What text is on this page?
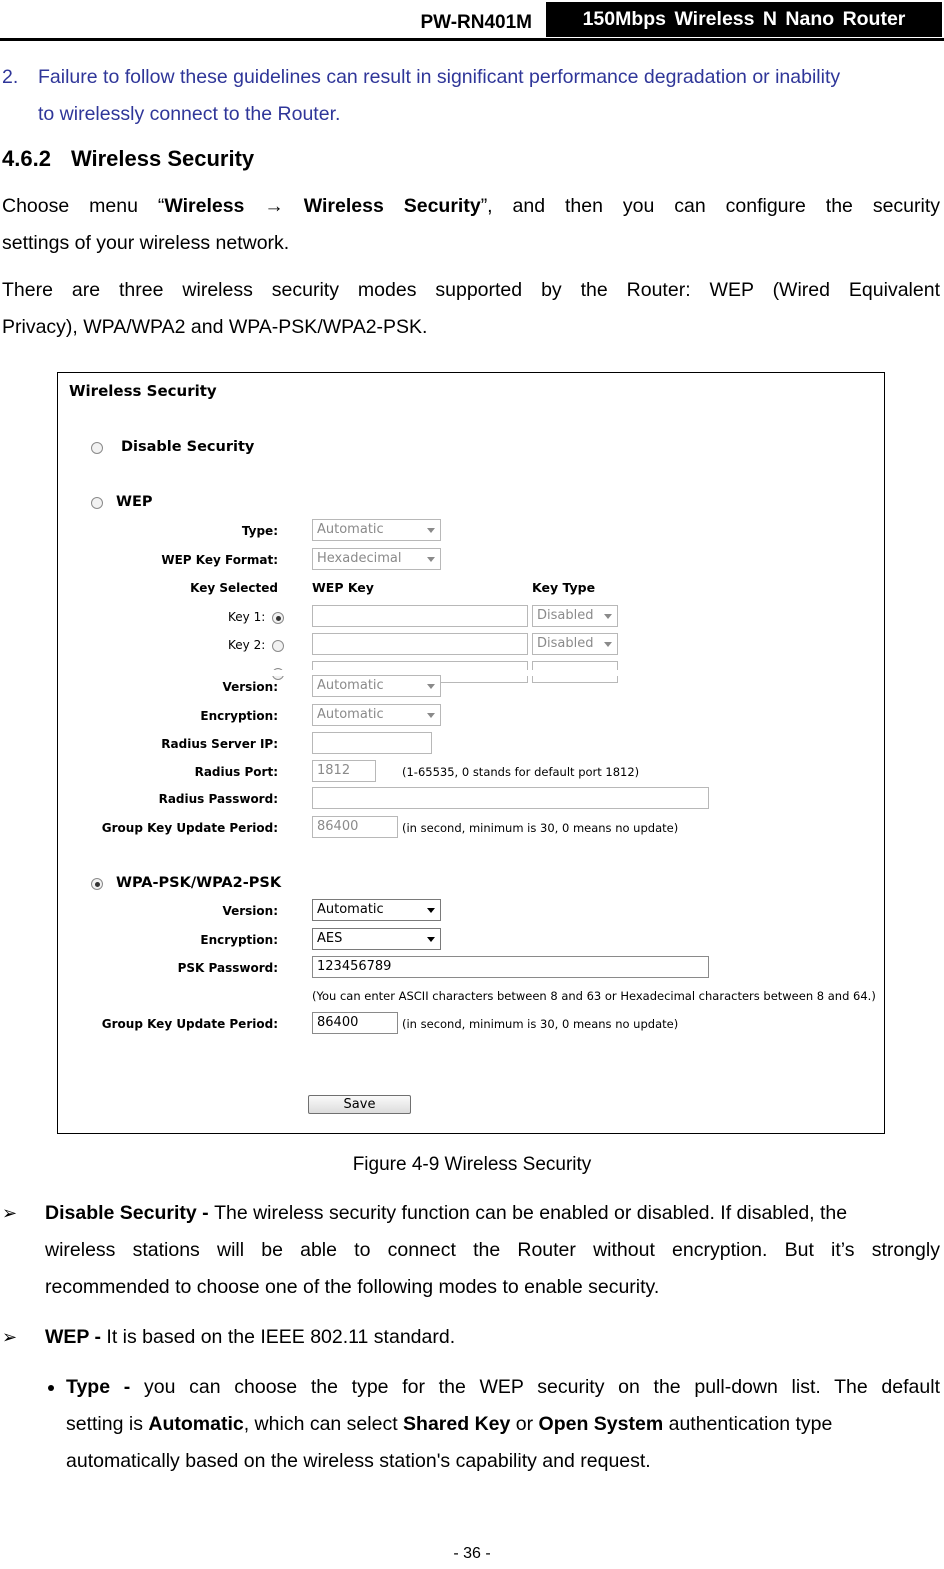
PW-RN401M	150Mbps Wireless N Nano Router
2. Failure to follow these guidelines can result in significant performance degradation or inability
to wirelessly connect to the Router.
4.6.2 Wireless Security
Choose menu “Wireless → Wireless Security”, and then you can configure the security
settings of your wireless network.
There are three wireless security modes supported by the Router: WEP (Wired Equivalent
Privacy), WPA/WPA2 and WPA-PSK/WPA2-PSK.
Wireless Security
Disable Security
WEP
Type:	Automatic
WEP Key Format:	Hexadecimal
Key Selected	WEP Key	Key Type
Key 1:	Disabled
Key 2:	Disabled
Version:	Automatic
Encryption:	Automatic
Radius Server IP:
Radius Port:	1812	(1-65535, 0 stands for default port 1812)
Radius Password:
Group Key Update Period:	86400	(in second, minimum is 30, 0 means no update)
WPA-PSK/WPA2-PSK
Version:	Automatic
Encryption:	AES
PSK Password:	123456789
(You can enter ASCII characters between 8 and 63 or Hexadecimal characters between 8 and 64.)
Group Key Update Period:	86400	(in second, minimum is 30, 0 means no update)
Save
Figure 4-9 Wireless Security
➢ Disable Security - The wireless security function can be enabled or disabled. If disabled, the
wireless stations will be able to connect the Router without encryption. But it’s strongly
recommended to choose one of the following modes to enable security.
➢ WEP - It is based on the IEEE 802.11 standard.
Type - you can choose the type for the WEP security on the pull-down list. The default
setting is Automatic, which can select Shared Key or Open System authentication type
automatically based on the wireless station's capability and request.
- 36 -
